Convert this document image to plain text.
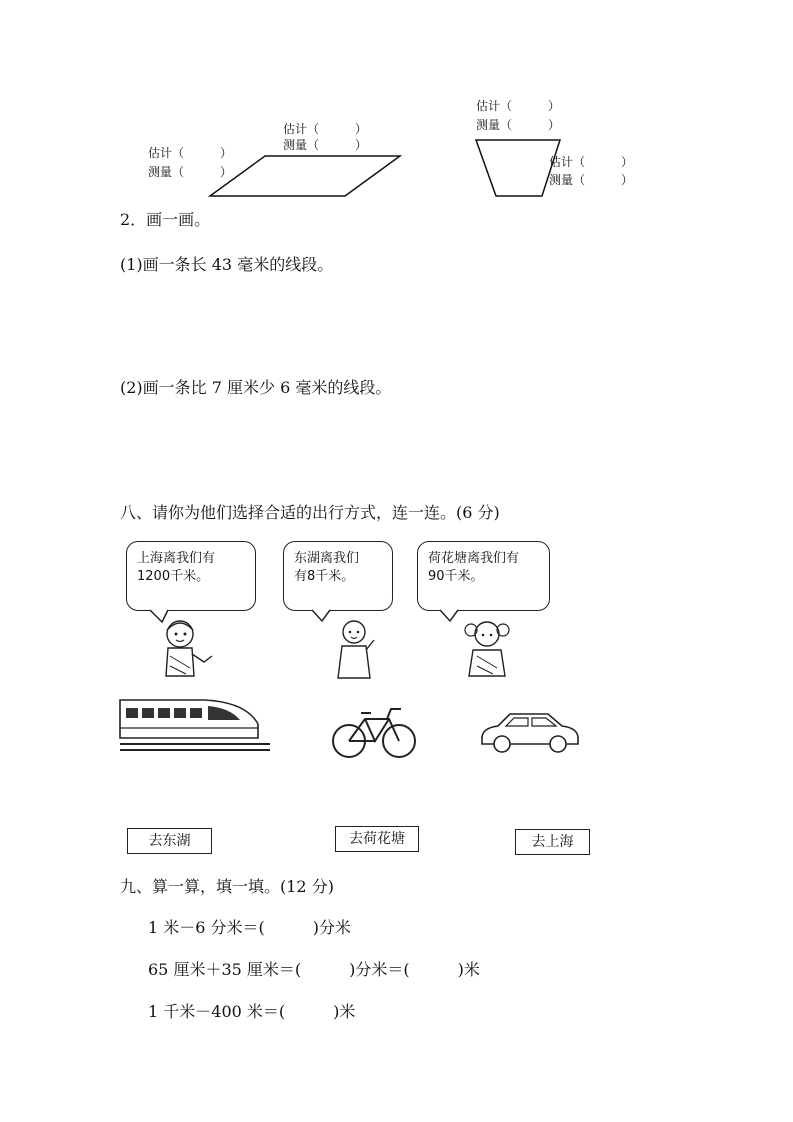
估计（　　　）
测量（　　　）
估计（　　　）
测量（　　　）
估计（　　　）
测量（　　　）
估计（　　　）
测量（　　　）
2．画一画。
(1)画一条长 43 毫米的线段。
(2)画一条比 7 厘米少 6 毫米的线段。
八、请你为他们选择合适的出行方式，连一连。(6 分)
上海离我们有
1200千米。
东湖离我们
有8千米。
荷花塘离我们有
90千米。
去东湖	去荷花塘	去上海
九、算一算，填一填。(12 分)
1 米－6 分米＝(　　　)分米
65 厘米＋35 厘米＝(　　　)分米＝(　　　)米
1 千米－400 米＝(　　　)米
